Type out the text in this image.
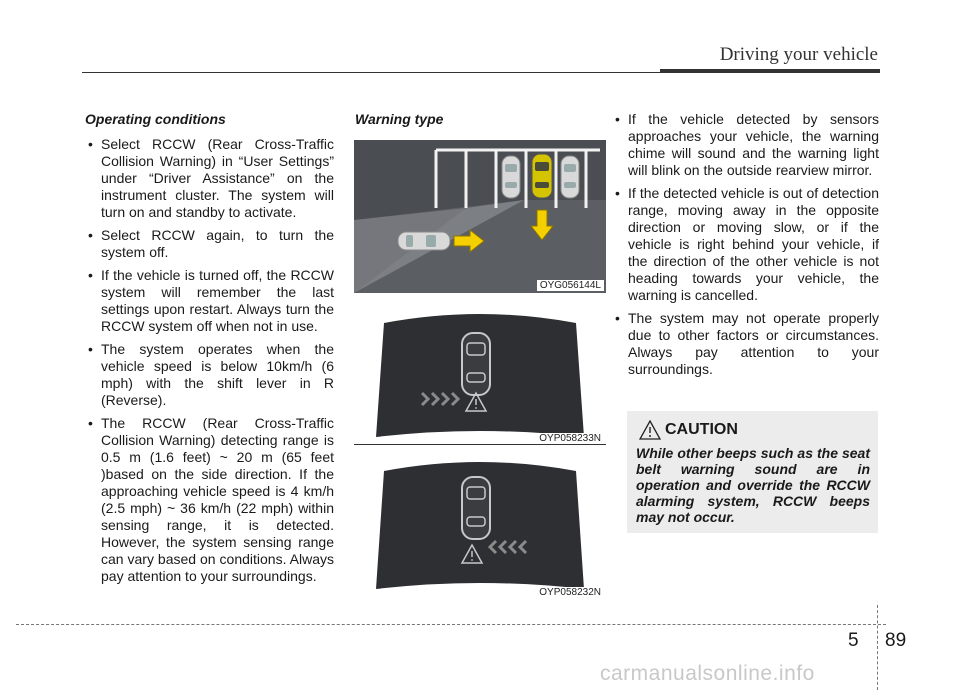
Driving your vehicle
Operating conditions
• Select RCCW (Rear Cross-Traffic Collision Warning) in “User Settings” under “Driver Assistance” on the instrument cluster. The system will turn on and standby to activate.
• Select RCCW again, to turn the system off.
• If the vehicle is turned off, the RCCW system will remember the last settings upon restart. Always turn the RCCW system off when not in use.
• The system operates when the vehicle speed is below 10km/h (6 mph) with the shift lever in R (Reverse).
• The RCCW (Rear Cross-Traffic Collision Warning) detecting range is 0.5 m (1.6 feet) ~ 20 m (65 feet )based on the side direction. If the approaching vehicle speed is 4 km/h (2.5 mph) ~ 36 km/h (22 mph) within sensing range, it is detected. However, the system sensing range can vary based on conditions. Always pay attention to your surroundings.
Warning type
OYG056144L
OYP058233N
OYP058232N
• If the vehicle detected by sensors approaches your vehicle, the warning chime will sound and the warning light will blink on the outside rearview mirror.
• If the detected vehicle is out of detection range, moving away in the opposite direction or moving slow, or if the vehicle is right behind your vehicle, if the direction of the other vehicle is not heading towards your vehicle, the warning is cancelled.
• The system may not operate properly due to other factors or circumstances. Always pay attention to your surroundings.
CAUTION
While other beeps such as the seat belt warning sound are in operation and override the RCCW alarming system, RCCW beeps may not occur.
5 89
carmanualsonline.info
